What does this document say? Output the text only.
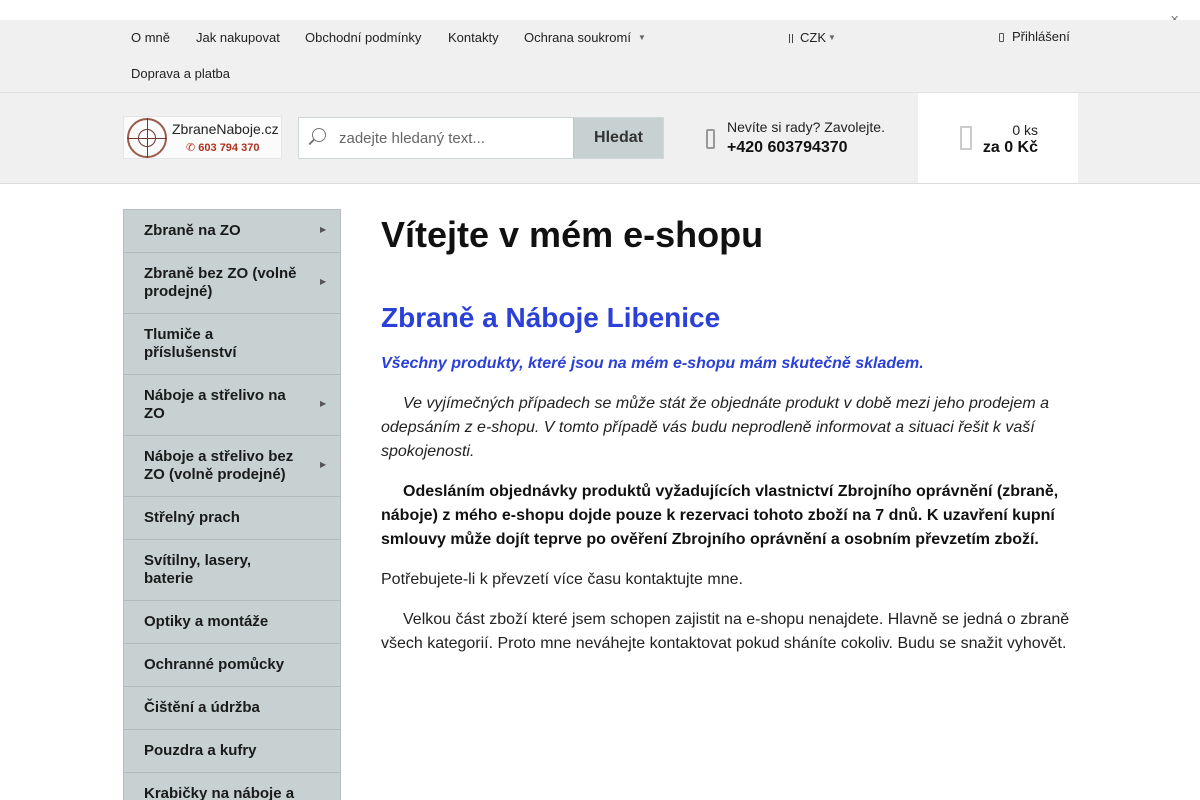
O mně Jak nakupovat Obchodní podmínky Kontakty Ochrana soukromí ▼
Doprava a platba
CZK ▼	Přihlášení
ZbraneNaboje.cz
✆ 603 794 370
zadejte hledaný text...
Hledat
Nevíte si rady? Zavolejte.
+420 603794370
0 ks
za 0 Kč
Zbraně na ZO	▶
Zbraně bez ZO (volně prodejné)
▶
Tlumiče a příslušenství
Náboje a střelivo na ZO
▶
Náboje a střelivo bez ZO (volně prodejné)
▶
Střelný prach
Svítilny, lasery, baterie
Optiky a montáže
Ochranné pomůcky
Čištění a údržba
Pouzdra a kufry
Krabičky na náboje a
Vítejte v mém e-shopu
Zbraně a Náboje Libenice

Všechny produkty, které jsou na mém e-shopu mám skutečně skladem.

Ve vyjímečných případech se může stát že objednáte produkt v době mezi jeho prodejem a odepsáním z e-shopu. V tomto případě vás budu neprodleně informovat a situaci řešit k vaší spokojenosti.

Odesláním objednávky produktů vyžadujících vlastnictví Zbrojního oprávnění (zbraně, náboje) z mého e-shopu dojde pouze k rezervaci tohoto zboží na 7 dnů. K uzavření kupní smlouvy může dojít teprve po ověření Zbrojního oprávnění a osobním převzetím zboží.

Potřebujete-li k převzetí více času kontaktujte mne.

Velkou část zboží které jsem schopen zajistit na e-shopu nenajdete. Hlavně se jedná o zbraně všech kategorií. Proto mne neváhejte kontaktovat pokud sháníte cokoliv. Budu se snažit vyhovět.
